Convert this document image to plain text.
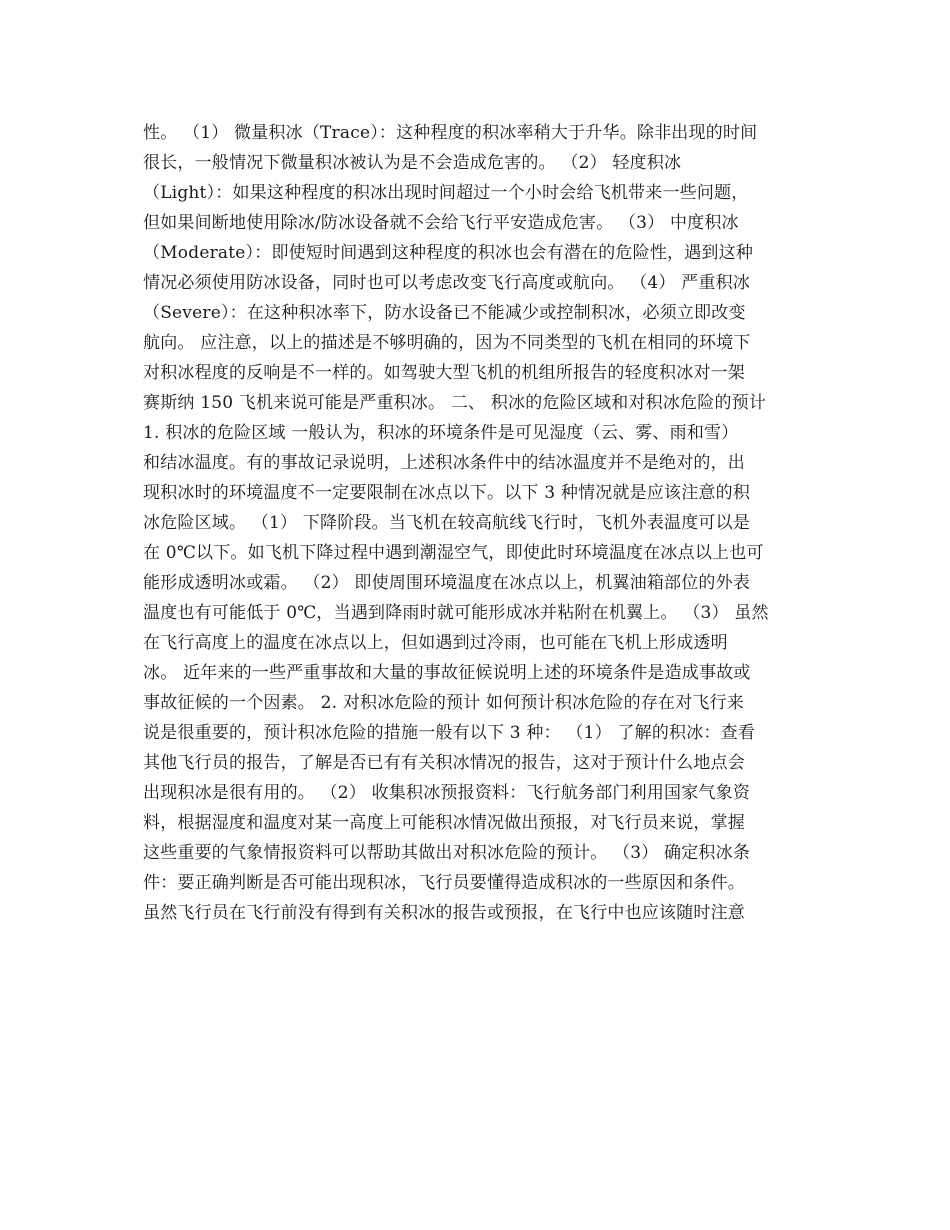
性。 （1） 微量积冰（Trace）：这种程度的积冰率稍大于升华。除非出现的时间
很长，一般情况下微量积冰被认为是不会造成危害的。 （2） 轻度积冰
（Light）：如果这种程度的积冰出现时间超过一个小时会给飞机带来一些问题，
但如果间断地使用除冰/防冰设备就不会给飞行平安造成危害。 （3） 中度积冰
（Moderate）：即使短时间遇到这种程度的积冰也会有潜在的危险性，遇到这种
情况必须使用防冰设备，同时也可以考虑改变飞行高度或航向。 （4） 严重积冰
（Severe）：在这种积冰率下，防水设备已不能减少或控制积冰，必须立即改变
航向。 应注意，以上的描述是不够明确的，因为不同类型的飞机在相同的环境下
对积冰程度的反响是不一样的。如驾驶大型飞机的机组所报告的轻度积冰对一架
赛斯纳 150 飞机来说可能是严重积冰。 二、 积冰的危险区域和对积冰危险的预计
1. 积冰的危险区域 一般认为，积冰的环境条件是可见湿度（云、雾、雨和雪）
和结冰温度。有的事故记录说明，上述积冰条件中的结冰温度并不是绝对的，出
现积冰时的环境温度不一定要限制在冰点以下。以下 3 种情况就是应该注意的积
冰危险区域。 （1） 下降阶段。当飞机在较高航线飞行时，飞机外表温度可以是
在 0℃以下。如飞机下降过程中遇到潮湿空气，即使此时环境温度在冰点以上也可
能形成透明冰或霜。 （2） 即使周围环境温度在冰点以上，机翼油箱部位的外表
温度也有可能低于 0℃，当遇到降雨时就可能形成冰并粘附在机翼上。 （3） 虽然
在飞行高度上的温度在冰点以上，但如遇到过冷雨，也可能在飞机上形成透明
冰。 近年来的一些严重事故和大量的事故征候说明上述的环境条件是造成事故或
事故征候的一个因素。 2. 对积冰危险的预计 如何预计积冰危险的存在对飞行来
说是很重要的，预计积冰危险的措施一般有以下 3 种： （1） 了解的积冰：查看
其他飞行员的报告，了解是否已有有关积冰情况的报告，这对于预计什么地点会
出现积冰是很有用的。 （2） 收集积冰预报资料：飞行航务部门利用国家气象资
料，根据湿度和温度对某一高度上可能积冰情况做出预报，对飞行员来说，掌握
这些重要的气象情报资料可以帮助其做出对积冰危险的预计。 （3） 确定积冰条
件：要正确判断是否可能出现积冰，飞行员要懂得造成积冰的一些原因和条件。
虽然飞行员在飞行前没有得到有关积冰的报告或预报，在飞行中也应该随时注意
